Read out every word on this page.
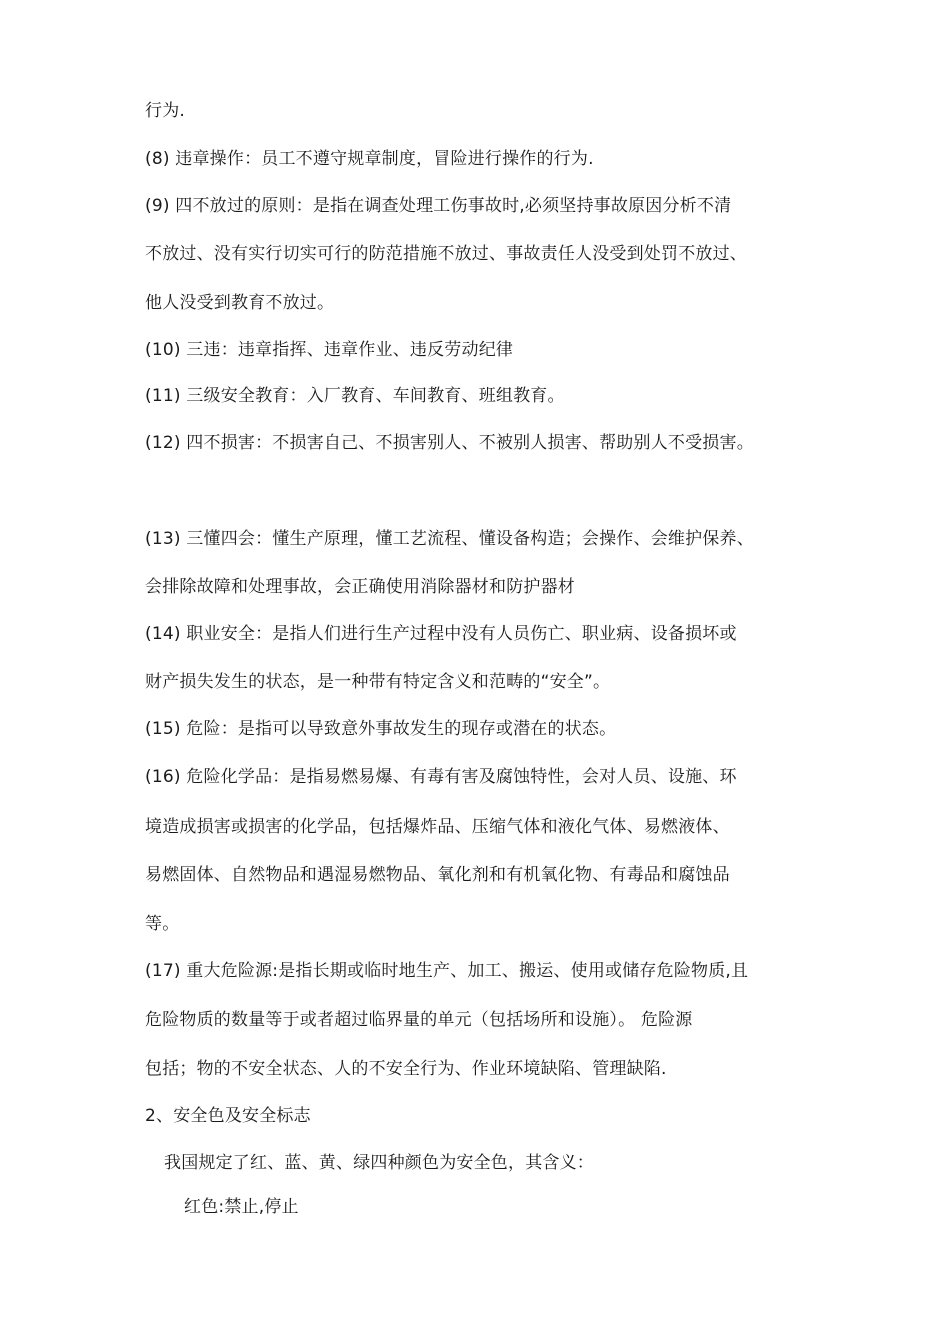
行为.
(8) 违章操作：员工不遵守规章制度，冒险进行操作的行为.
(9) 四不放过的原则：是指在调查处理工伤事故时,必须坚持事故原因分析不清
不放过、没有实行切实可行的防范措施不放过、事故责任人没受到处罚不放过、
他人没受到教育不放过。
(10) 三违：违章指挥、违章作业、违反劳动纪律
(11) 三级安全教育：入厂教育、车间教育、班组教育。
(12) 四不损害：不损害自己、不损害别人、不被别人损害、帮助别人不受损害。
(13) 三懂四会：懂生产原理，懂工艺流程、懂设备构造；会操作、会维护保养、
会排除故障和处理事故，会正确使用消除器材和防护器材
(14) 职业安全：是指人们进行生产过程中没有人员伤亡、职业病、设备损坏或
财产损失发生的状态，是一种带有特定含义和范畴的“安全”。
(15) 危险：是指可以导致意外事故发生的现存或潜在的状态。
(16) 危险化学品：是指易燃易爆、有毒有害及腐蚀特性，会对人员、设施、环
境造成损害或损害的化学品，包括爆炸品、压缩气体和液化气体、易燃液体、
易燃固体、自然物品和遇湿易燃物品、氧化剂和有机氧化物、有毒品和腐蚀品
等。
(17) 重大危险源:是指长期或临时地生产、加工、搬运、使用或储存危险物质,且
危险物质的数量等于或者超过临界量的单元（包括场所和设施）。 危险源
包括；物的不安全状态、人的不安全行为、作业环境缺陷、管理缺陷.
2、安全色及安全标志
我国规定了红、蓝、黄、绿四种颜色为安全色，其含义：
红色:禁止,停止
